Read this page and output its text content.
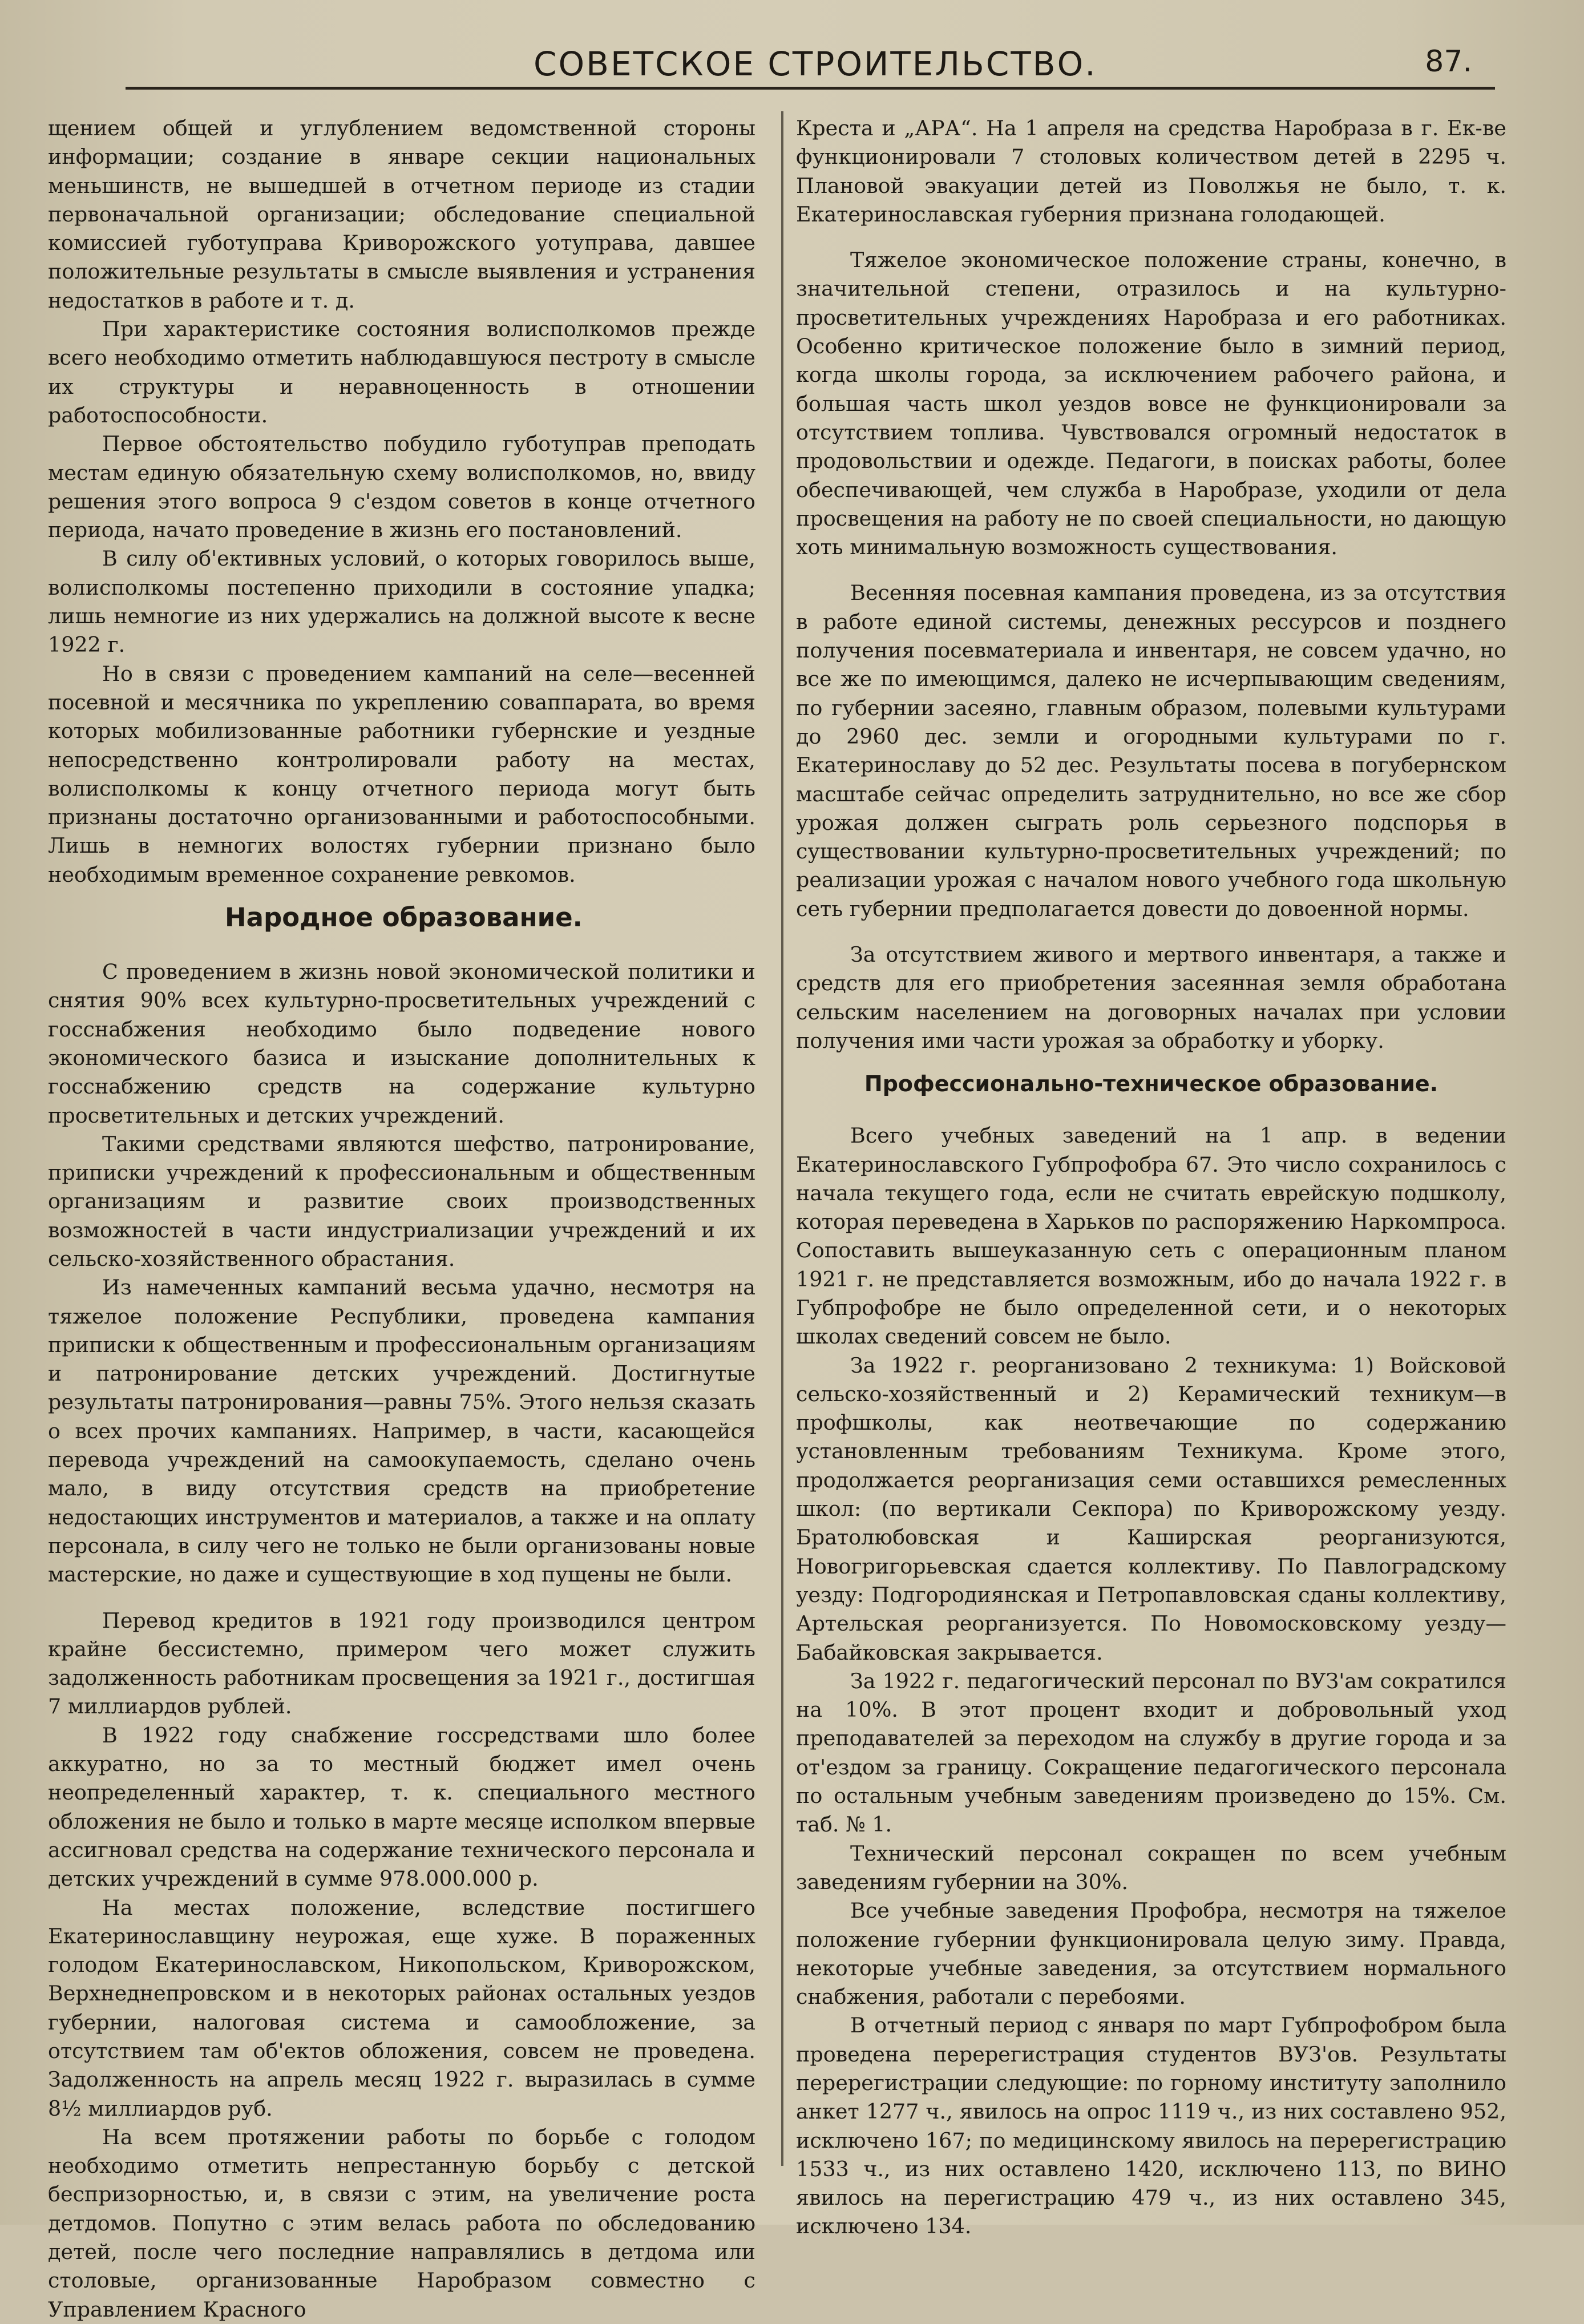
СОВЕТСКОЕ СТРОИТЕЛЬСТВО.	87.

щением общей и углублением ведомственной стороны информации; создание в январе секции национальных меньшинств, не вышедшей в отчетном периоде из стадии первоначальной организации; обследование специальной комиссией губотуправа Криворожского уотуправа, давшее положительные результаты в смысле выявления и устранения недостатков в работе и т. д.

При характеристике состояния волисполкомов прежде всего необходимо отметить наблюдавшуюся пестроту в смысле их структуры и неравноценность в отношении работоспособности.

Первое обстоятельство побудило губотуправ преподать местам единую обязательную схему волисполкомов, но, ввиду решения этого вопроса 9 с'ездом советов в конце отчетного периода, начато проведение в жизнь его постановлений.

В силу об'ективных условий, о которых говорилось выше, волисполкомы постепенно приходили в состояние упадка; лишь немногие из них удержались на должной высоте к весне 1922 г.

Но в связи с проведением кампаний на селе—весенней посевной и месячника по укреплению соваппарата, во время которых мобилизованные работники губернские и уездные непосредственно контролировали работу на местах, волисполкомы к концу отчетного периода могут быть признаны достаточно организованными и работоспособными. Лишь в немногих волостях губернии признано было необходимым временное сохранение ревкомов.

Народное образование.

С проведением в жизнь новой экономической политики и снятия 90% всех культурно-просветительных учреждений с госснабжения необходимо было подведение нового экономического базиса и изыскание дополнительных к госснабжению средств на содержание культурно просветительных и детских учреждений.

Такими средствами являются шефство, патронирование, приписки учреждений к профессиональным и общественным организациям и развитие своих производственных возможностей в части индустриализации учреждений и их сельско-хозяйственного обрастания.

Из намеченных кампаний весьма удачно, несмотря на тяжелое положение Республики, проведена кампания приписки к общественным и профессиональным организациям и патронирование детских учреждений. Достигнутые результаты патронирования—равны 75%. Этого нельзя сказать о всех прочих кампаниях. Например, в части, касающейся перевода учреждений на самоокупаемость, сделано очень мало, в виду отсутствия средств на приобретение недостающих инструментов и материалов, а также и на оплату персонала, в силу чего не только не были организованы новые мастерские, но даже и существующие в ход пущены не были.

Перевод кредитов в 1921 году производился центром крайне бессистемно, примером чего может служить задолженность работникам просвещения за 1921 г., достигшая 7 миллиардов рублей.

В 1922 году снабжение госсредствами шло более аккуратно, но за то местный бюджет имел очень неопределенный характер, т. к. специального местного обложения не было и только в марте месяце исполком впервые ассигновал средства на содержание технического персонала и детских учреждений в сумме 978.000.000 р.

На местах положение, вследствие постигшего Екатеринославщину неурожая, еще хуже. В пораженных голодом Екатеринославском, Никопольском, Криворожском, Верхнеднепровском и в некоторых районах остальных уездов губернии, налоговая система и самообложение, за отсутствием там об'ектов обложения, совсем не проведена. Задолженность на апрель месяц 1922 г. выразилась в сумме 8½ миллиардов руб.

На всем протяжении работы по борьбе с голодом необходимо отметить непрестанную борьбу с детской беспризорностью, и, в связи с этим, на увеличение роста детдомов. Попутно с этим велась работа по обследованию детей, после чего последние направлялись в детдома или столовые, организованные Наробразом совместно с Управлением Красного

Креста и „АРА“. На 1 апреля на средства Наробраза в г. Ек-ве функционировали 7 столовых количеством детей в 2295 ч. Плановой эвакуации детей из Поволжья не было, т. к. Екатеринославская губерния признана голодающей.

Тяжелое экономическое положение страны, конечно, в значительной степени, отразилось и на культурно-просветительных учреждениях Наробраза и его работниках. Особенно критическое положение было в зимний период, когда школы города, за исключением рабочего района, и большая часть школ уездов вовсе не функционировали за отсутствием топлива. Чувствовался огромный недостаток в продовольствии и одежде. Педагоги, в поисках работы, более обеспечивающей, чем служба в Наробразе, уходили от дела просвещения на работу не по своей специальности, но дающую хоть минимальную возможность существования.

Весенняя посевная кампания проведена, из за отсутствия в работе единой системы, денежных рессурсов и позднего получения посевматериала и инвентаря, не совсем удачно, но все же по имеющимся, далеко не исчерпывающим сведениям, по губернии засеяно, главным образом, полевыми культурами до 2960 дес. земли и огородными культурами по г. Екатеринославу до 52 дес. Результаты посева в погубернском масштабе сейчас определить затруднительно, но все же сбор урожая должен сыграть роль серьезного подспорья в существовании культурно-просветительных учреждений; по реализации урожая с началом нового учебного года школьную сеть губернии предполагается довести до довоенной нормы.

За отсутствием живого и мертвого инвентаря, а также и средств для его приобретения засеянная земля обработана сельским населением на договорных началах при условии получения ими части урожая за обработку и уборку.

Профессионально-техническое образование.

Всего учебных заведений на 1 апр. в ведении Екатеринославского Губпрофобра 67. Это число сохранилось с начала текущего года, если не считать еврейскую подшколу, которая переведена в Харьков по распоряжению Наркомпроса. Сопоставить вышеуказанную сеть с операционным планом 1921 г. не представляется возможным, ибо до начала 1922 г. в Губпрофобре не было определенной сети, и о некоторых школах сведений совсем не было.

За 1922 г. реорганизовано 2 техникума: 1) Войсковой сельско-хозяйственный и 2) Керамический техникум—в профшколы, как неотвечающие по содержанию установленным требованиям Техникума. Кроме этого, продолжается реорганизация семи оставшихся ремесленных школ: (по вертикали Секпора) по Криворожскому уезду. Братолюбовская и Каширская реорганизуются, Новогригорьевская сдается коллективу. По Павлоградскому уезду: Подгородиянская и Петропавловская сданы коллективу, Артельская реорганизуется. По Новомосковскому уезду—Бабайковская закрывается.

За 1922 г. педагогический персонал по ВУЗ'ам сократился на 10%. В этот процент входит и добровольный уход преподавателей за переходом на службу в другие города и за от'ездом за границу. Сокращение педагогического персонала по остальным учебным заведениям произведено до 15%. См. таб. № 1.

Технический персонал сокращен по всем учебным заведениям губернии на 30%.

Все учебные заведения Профобра, несмотря на тяжелое положение губернии функционировала целую зиму. Правда, некоторые учебные заведения, за отсутствием нормального снабжения, работали с перебоями.

В отчетный период с января по март Губпрофобром была проведена перерегистрация студентов ВУЗ'ов. Результаты перерегистрации следующие: по горному институту заполнило анкет 1277 ч., явилось на опрос 1119 ч., из них составлено 952, исключено 167; по медицинскому явилось на перерегистрацию 1533 ч., из них оставлено 1420, исключено 113, по ВИНО явилось на перегистрацию 479 ч., из них оставлено 345, исключено 134.
